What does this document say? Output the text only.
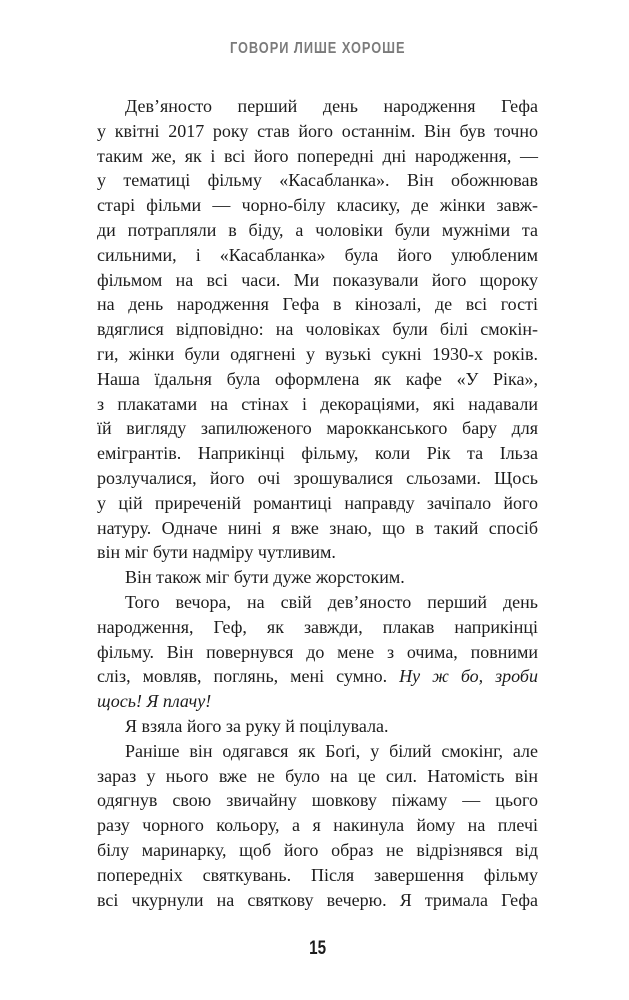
ГОВОРИ ЛИШЕ ХОРОШЕ
Дев’яносто перший день народження Гефа
у квітні 2017 року став його останнім. Він був точно
таким же, як і всі його попередні дні народження, —
у тематиці фільму «Касабланка». Він обожнював
старі фільми — чорно-білу класику, де жінки завж-
ди потрапляли в біду, а чоловіки були мужніми та
сильними, і «Касабланка» була його улюбленим
фільмом на всі часи. Ми показували його щороку
на день народження Гефа в кінозалі, де всі гості
вдяглися відповідно: на чоловіках були білі смокін-
ги, жінки були одягнені у вузькі сукні 1930-х років.
Наша їдальня була оформлена як кафе «У Ріка»,
з плакатами на стінах і декораціями, які надавали
їй вигляду запилюженого марокканського бару для
емігрантів. Наприкінці фільму, коли Рік та Ільза
розлучалися, його очі зрошувалися сльозами. Щось
у цій приреченій романтиці направду зачіпало його
натуру. Одначе нині я вже знаю, що в такий спосіб
він міг бути надміру чутливим.
Він також міг бути дуже жорстоким.
Того вечора, на свій дев’яносто перший день
народження, Геф, як завжди, плакав наприкінці
фільму. Він повернувся до мене з очима, повними
сліз, мовляв, поглянь, мені сумно. Ну ж бо, зроби
щось! Я плачу!
Я взяла його за руку й поцілувала.
Раніше він одягався як Боґі, у білий смокінг, але
зараз у нього вже не було на це сил. Натомість він
одягнув свою звичайну шовкову піжаму — цього
разу чорного кольору, а я накинула йому на плечі
білу маринарку, щоб його образ не відрізнявся від
попередніх святкувань. Після завершення фільму
всі чкурнули на святкову вечерю. Я тримала Гефа
15
